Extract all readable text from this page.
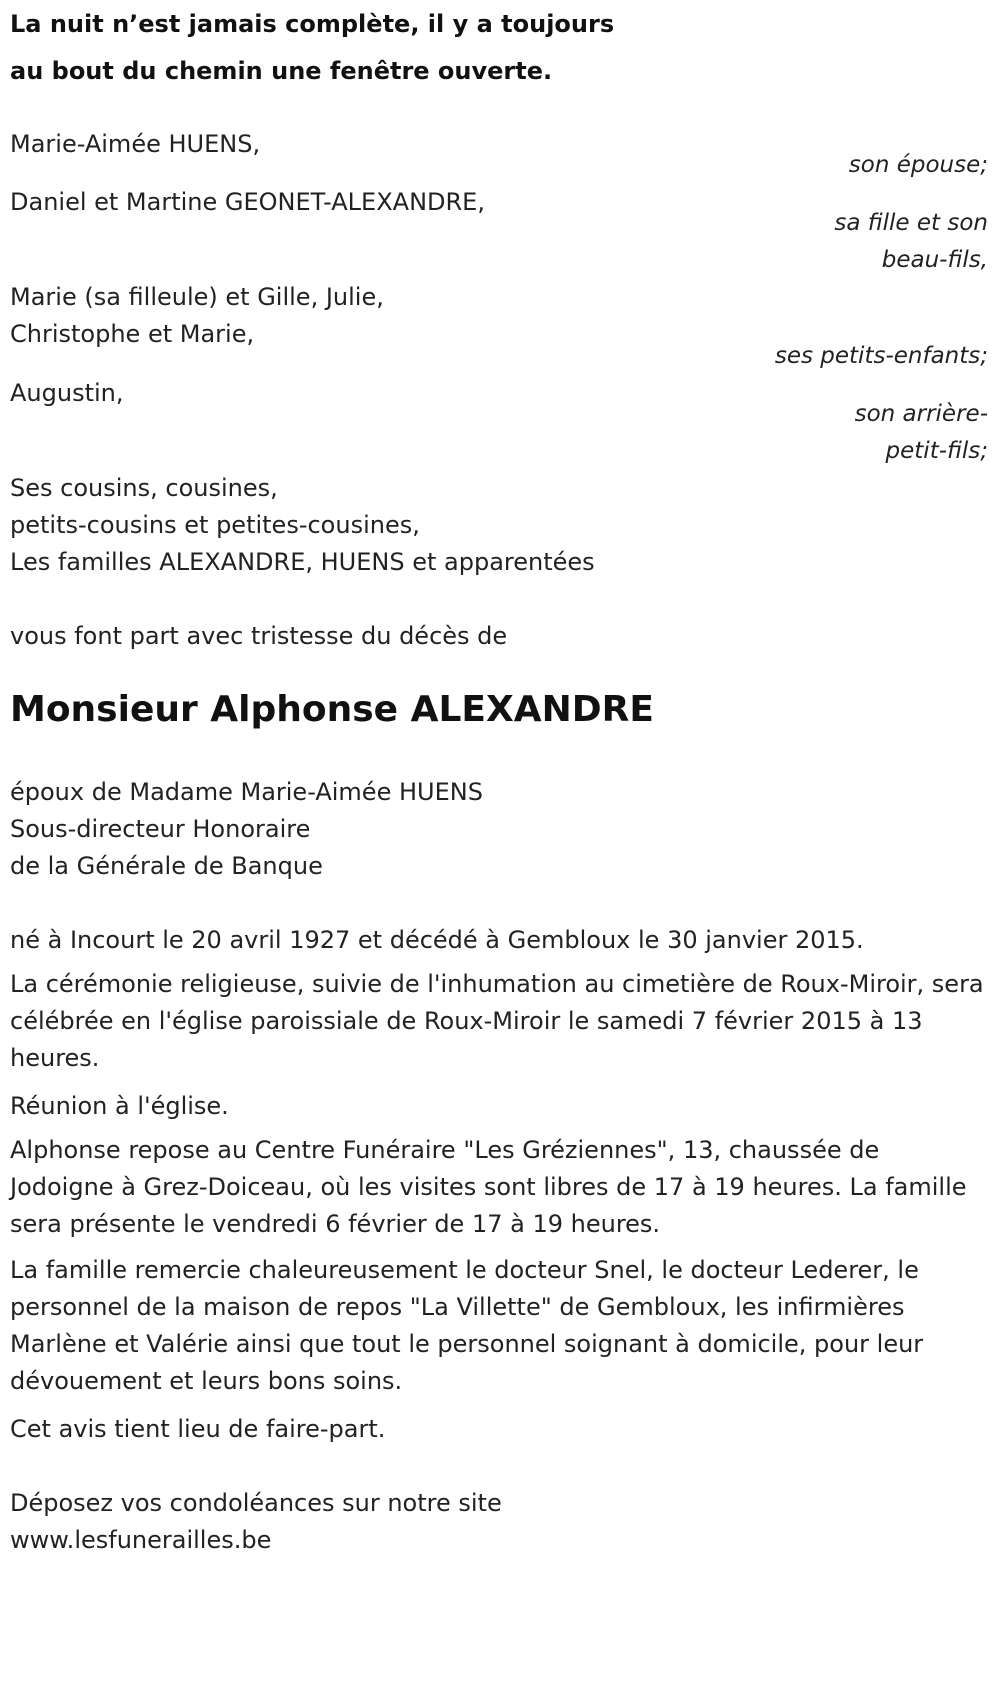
La nuit n’est jamais complète, il y a toujours
au bout du chemin une fenêtre ouverte.
Marie-Aimée HUENS,
son épouse;
Daniel et Martine GEONET-ALEXANDRE,
sa fille et son
beau-fils,
Marie (sa filleule) et Gille, Julie,
Christophe et Marie,
ses petits-enfants;
Augustin,
son arrière-
petit-fils;
Ses cousins, cousines,
petits-cousins et petites-cousines,
Les familles ALEXANDRE, HUENS et apparentées
vous font part avec tristesse du décès de
Monsieur Alphonse ALEXANDRE
époux de Madame Marie-Aimée HUENS
Sous-directeur Honoraire
de la Générale de Banque
né à Incourt le 20 avril 1927 et décédé à Gembloux le 30 janvier 2015.
La cérémonie religieuse, suivie de l'inhumation au cimetière de Roux-Miroir, sera célébrée en l'église paroissiale de Roux-Miroir le samedi 7 février 2015 à 13 heures.
Réunion à l'église.
Alphonse repose au Centre Funéraire "Les Gréziennes", 13, chaussée de Jodoigne à Grez-Doiceau, où les visites sont libres de 17 à 19 heures. La famille sera présente le vendredi 6 février de 17 à 19 heures.
La famille remercie chaleureusement le docteur Snel, le docteur Lederer, le personnel de la maison de repos "La Villette" de Gembloux, les infirmières Marlène et Valérie ainsi que tout le personnel soignant à domicile, pour leur dévouement et leurs bons soins.
Cet avis tient lieu de faire-part.
Déposez vos condoléances sur notre site
www.lesfunerailles.be
